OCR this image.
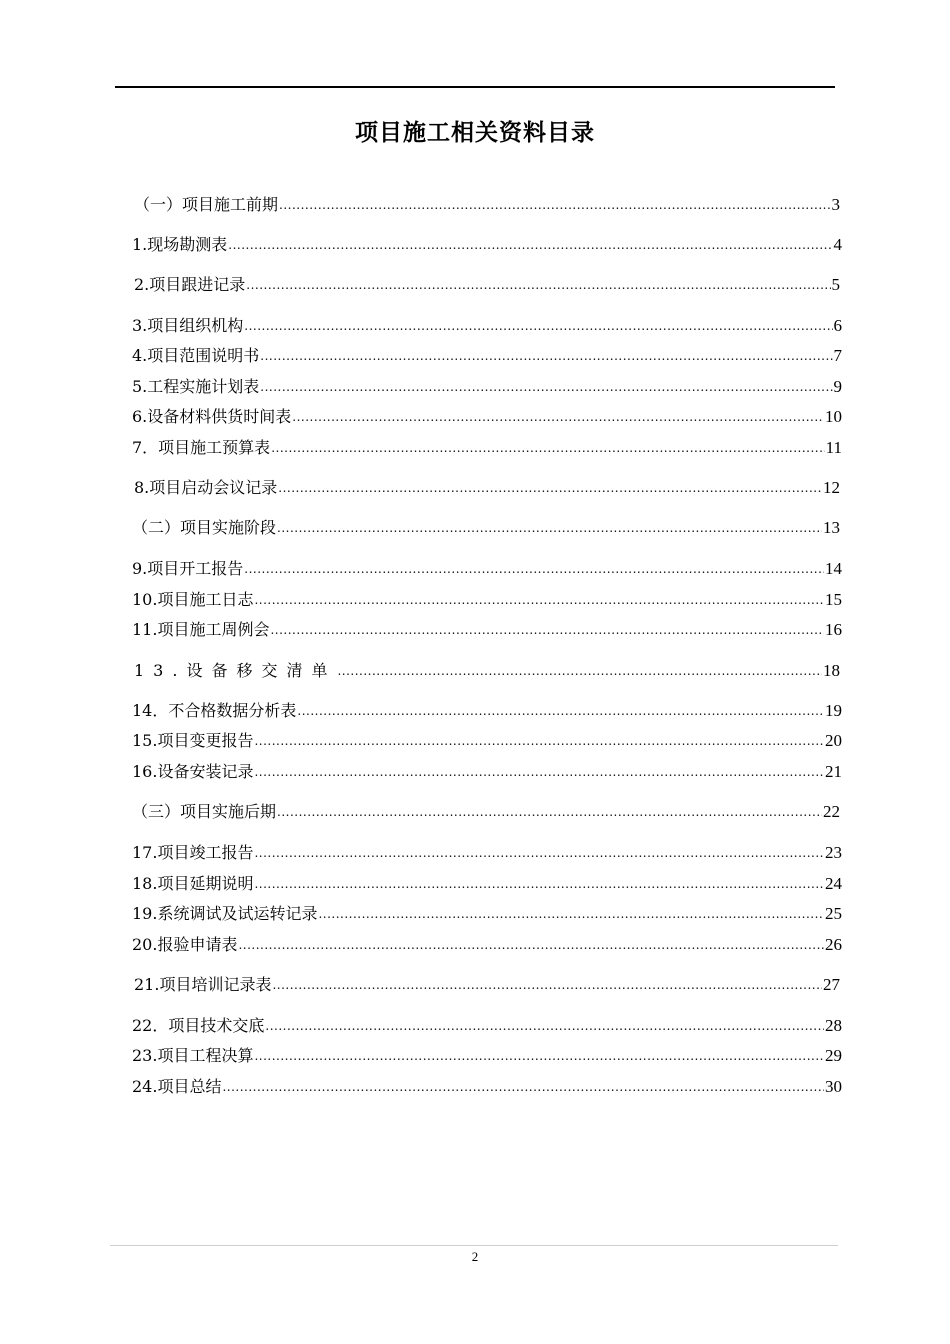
项目施工相关资料目录
（一）项目施工前期 .....	3
1.现场勘测表 .....	4
2.项目跟进记录 .....	5
3.项目组织机构 .....	6
4.项目范围说明书 .....	7
5.工程实施计划表 .....	9
6.设备材料供货时间表 .....	10
7．项目施工预算表 .....	11
8.项目启动会议记录 .....	12
（二）项目实施阶段 .....	13
9.项目开工报告 .....	14
10.项目施工日志 .....	15
11.项目施工周例会 .....	16
13.设备移交清单 .....	18
14．不合格数据分析表 .....	19
15.项目变更报告 .....	20
16.设备安装记录 .....	21
（三）项目实施后期 .....	22
17.项目竣工报告 .....	23
18.项目延期说明 .....	24
19.系统调试及试运转记录 .....	25
20.报验申请表 .....	26
21.项目培训记录表 .....	27
22．项目技术交底 .....	28
23.项目工程决算 .....	29
24.项目总结 .....	30
2
